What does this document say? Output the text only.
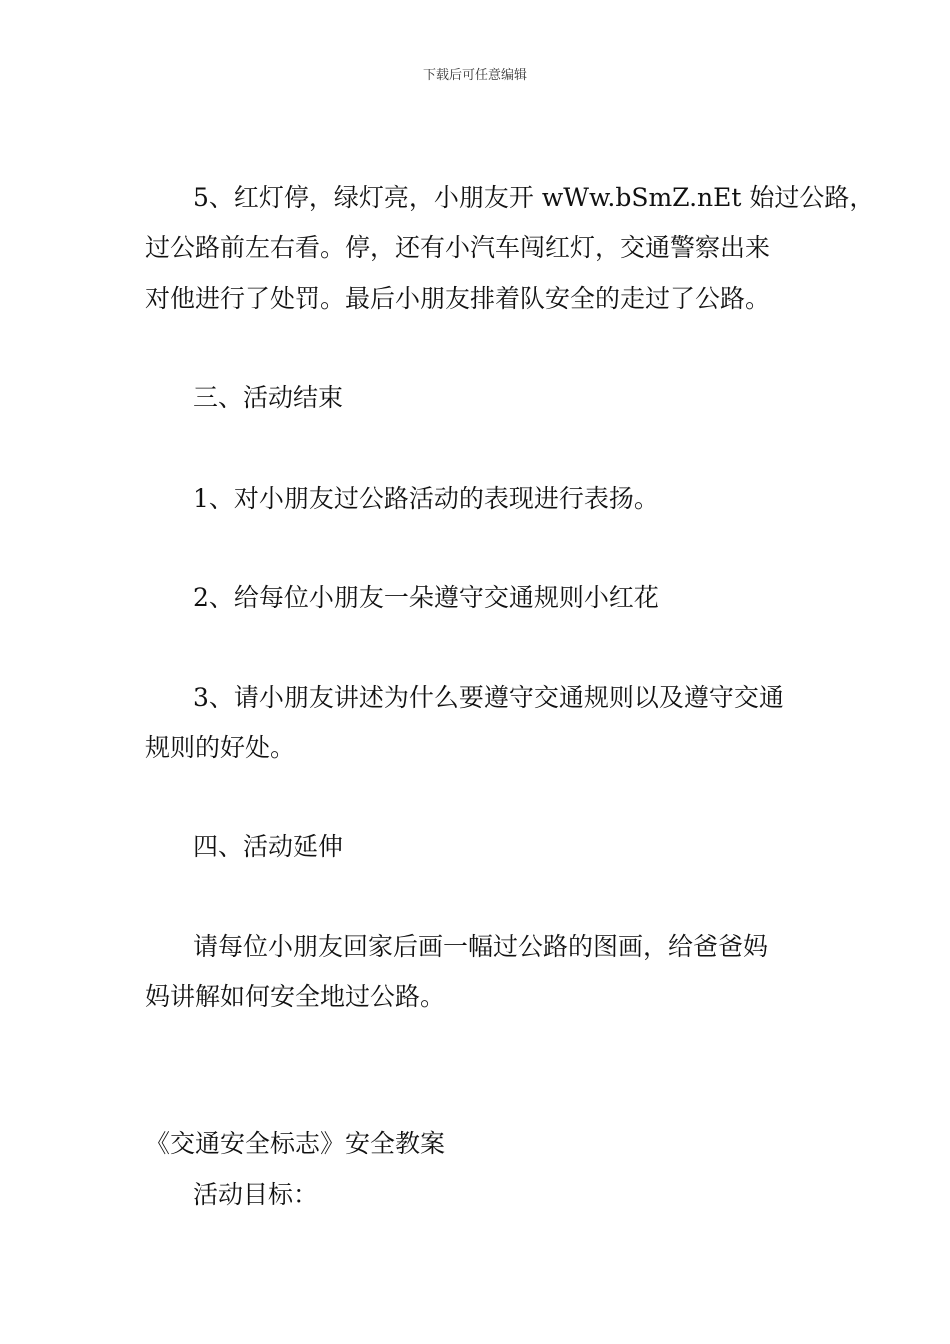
下载后可任意编辑
5、红灯停，绿灯亮，小朋友开 wWw.bSmZ.nEt 始过公路，
过公路前左右看。停，还有小汽车闯红灯，交通警察出来
对他进行了处罚。最后小朋友排着队安全的走过了公路。
三、活动结束
1、对小朋友过公路活动的表现进行表扬。
2、给每位小朋友一朵遵守交通规则小红花
3、请小朋友讲述为什么要遵守交通规则以及遵守交通
规则的好处。
四、活动延伸
请每位小朋友回家后画一幅过公路的图画，给爸爸妈
妈讲解如何安全地过公路。
《交通安全标志》安全教案
活动目标：
